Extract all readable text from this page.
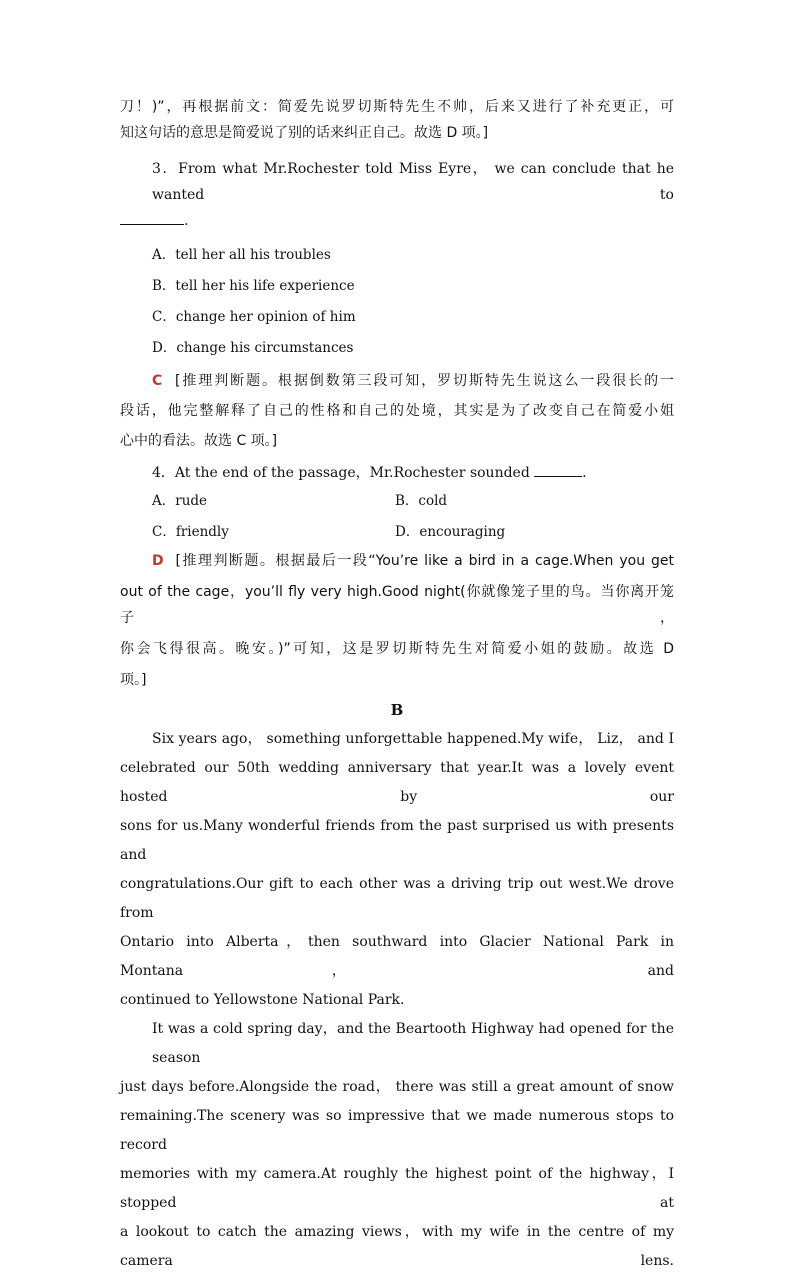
刀！)”，再根据前文：简爱先说罗切斯特先生不帅，后来又进行了补充更正，可

知这句话的意思是简爱说了别的话来纠正自己。故选 D 项。]

3．From what Mr.Rochester told Miss Eyre， we can conclude that he wanted to

．

A．tell her all his troubles
B．tell her his life experience
C．change her opinion of him
D．change his circumstances

C [推理判断题。根据倒数第三段可知，罗切斯特先生说这么一段很长的一

段话，他完整解释了自己的性格和自己的处境，其实是为了改变自己在简爱小姐

心中的看法。故选 C 项。]

4．At the end of the passage，Mr.Rochester sounded	．

A．rude	B．cold
C．friendly	D．encouraging

D [推理判断题。根据最后一段“You’re like a bird in a cage.When you get

out of the cage，you’ll fly very high.Good night(你就像笼子里的鸟。当你离开笼子，

你会飞得很高。晚安。)”可知，这是罗切斯特先生对简爱小姐的鼓励。故选 D

项。]

B

Six years ago， something unforgettable happened.My wife， Liz， and I

celebrated our 50th wedding anniversary that year.It was a lovely event hosted by our

sons for us.Many wonderful friends from the past surprised us with presents and

congratulations.Our gift to each other was a driving trip out west.We drove from

Ontario into Alberta，then southward into Glacier National Park in Montana， and

continued to Yellowstone National Park.

It was a cold spring day，and the Beartooth Highway had opened for the season

just days before.Alongside the road， there was still a great amount of snow

remaining.The scenery was so impressive that we made numerous stops to record

memories with my camera.At roughly the highest point of the highway，I stopped at

a lookout to catch the amazing views，with my wife in the centre of my camera lens.
